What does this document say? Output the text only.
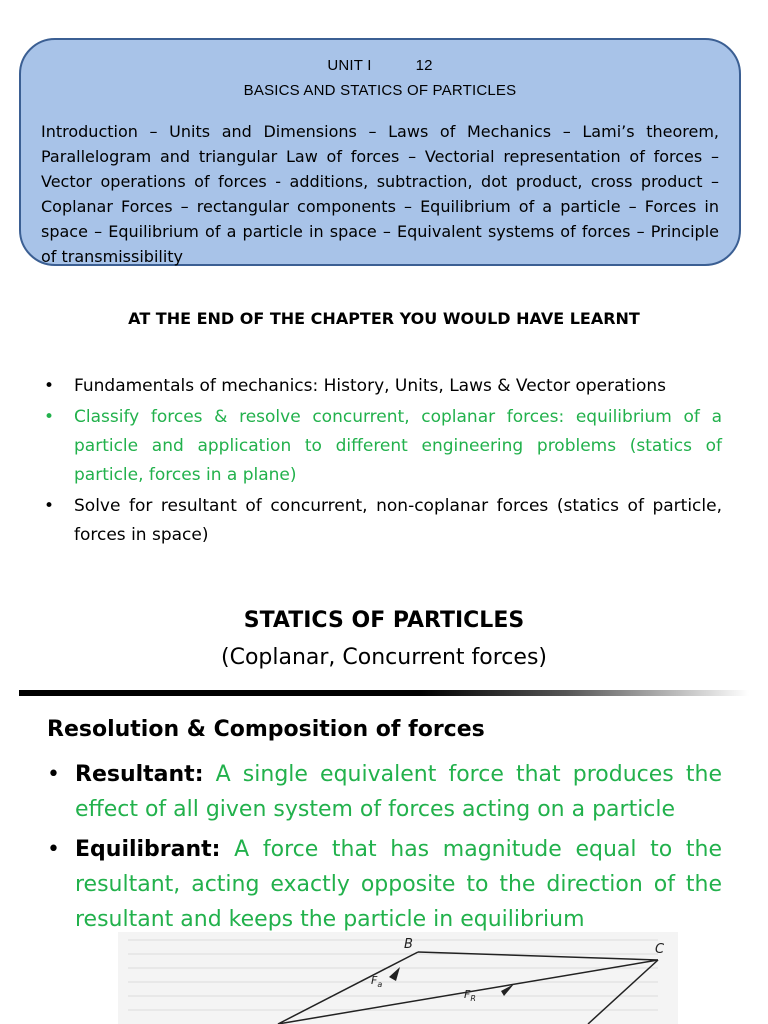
UNIT I	12
BASICS AND STATICS OF PARTICLES
Introduction – Units and Dimensions – Laws of Mechanics – Lami’s theorem, Parallelogram and triangular Law of forces – Vectorial representation of forces – Vector operations of forces - additions, subtraction, dot product, cross product – Coplanar Forces – rectangular components – Equilibrium of a particle – Forces in space – Equilibrium of a particle in space – Equivalent systems of forces – Principle of transmissibility
AT THE END OF THE CHAPTER YOU WOULD HAVE LEARNT
• Fundamentals of mechanics: History, Units, Laws & Vector operations
• Classify forces & resolve concurrent, coplanar forces: equilibrium of a particle and application to different engineering problems (statics of particle, forces in a plane)
• Solve for resultant of concurrent, non-coplanar forces (statics of particle, forces in space)
STATICS OF PARTICLES
(Coplanar, Concurrent forces)
Resolution & Composition of forces
• Resultant: A single equivalent force that produces the effect of all given system of forces acting on a particle
• Equilibrant: A force that has magnitude equal to the resultant, acting exactly opposite to the direction of the resultant and keeps the particle in equilibrium
B	C
$F_a$
$F_R$
